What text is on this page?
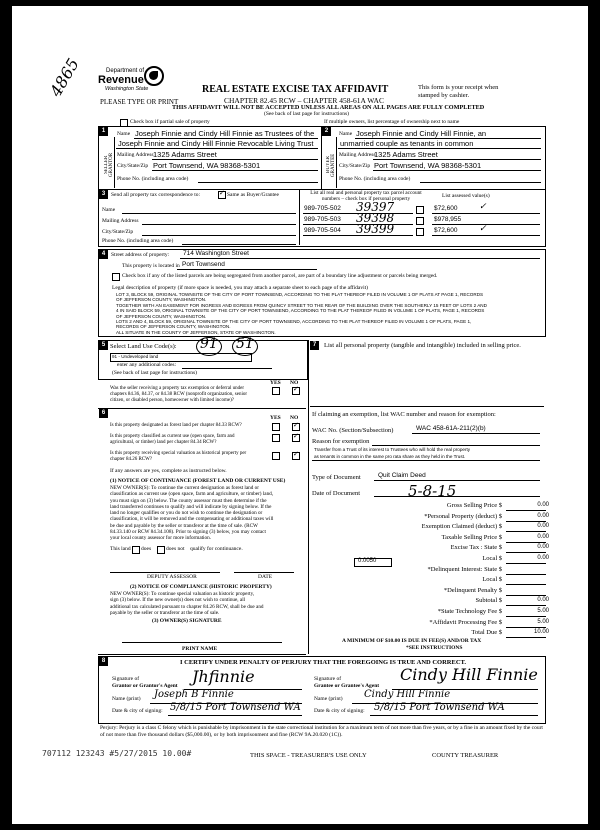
4865	Department of
Revenue
Washington State	REAL ESTATE EXCISE TAX AFFIDAVIT
CHAPTER 82.45 RCW – CHAPTER 458-61A WAC
THIS AFFIDAVIT WILL NOT BE ACCEPTED UNLESS ALL AREAS ON ALL PAGES ARE FULLY COMPLETED
PLEASE TYPE OR PRINT
This form is your receipt when stamped by cashier.
(See back of last page for instructions)
Check box if partial sale of property	If multiple owners, list percentage of ownership next to name
1	2
SELLER GRANTOR
Name Joseph Finnie and Cindy Hill Finnie as Trustees of the
Joseph Finnie and Cindy Hill Finnie Revocable Living Trust
Mailing Address 1325 Adams Street
City/State/Zip Port Townsend, WA 98368-5301
Phone No. (including area code)
BUYER GRANTEE
Name Joseph Finnie and Cindy Hill Finnie, an
unmarried couple as tenants in common
Mailing Address
1325 Adams Street
City/State/Zip Port Townsend, WA 98368-5301
Phone No. (including area code)
3	Send all property tax correspondence to:
✓	Same as Buyer/Grantee
Name
Mailing Address
City/State/Zip
Phone No. (including area code)
List all real and personal property tax parcel account numbers – check box if personal property	List assessed value(s)
989-705-502 39397	$72,600 ✓
989-705-503 39398	$978,955
989-705-504 39399	$72,600 ✓
4	Street address of property: 714 Washington Street
This property is located in Port Townsend
Check box if any of the listed parcels are being segregated from another parcel, are part of a boundary line adjustment or parcels being merged.
Legal description of property (if more space is needed, you may attach a separate sheet to each page of the affidavit)
LOT 3, BLOCK 59, ORIGINAL TOWNSITE OF THE CITY OF PORT TOWNSEND, ACCORDING TO THE PLAT THEREOF FILED IN VOLUME 1 OF PLATS AT PAGE 1, RECORDS
OF JEFFERSON COUNTY, WASHINGTON.
TOGETHER WITH AN EASEMENT FOR INGRESS AND EGRESS FROM QUINCY STREET TO THE REAR OF THE BUILDING OVER THE SOUTHERLY 15 FEET OF LOTS 2 AND
4 IN SAID BLOCK 59, ORIGINAL TOWNSITE OF THE CITY OF PORT TOWNSEND, ACCORDING TO THE PLAT THEREOF FILED IN VOLUME 1 OF PLATS, PAGE 1, RECORDS
OF JEFFERSON COUNTY, WASHINGTON.
LOTS 2 AND 4, BLOCK 59, ORIGINAL TOWNSITE OF THE CITY OF PORT TOWNSEND, ACCORDING TO THE PLAT THEREOF FILED IN VOLUME 1 OF PLATS, PAGE 1,
RECORDS OF JEFFERSON COUNTY, WASHINGTON.
ALL SITUATE IN THE COUNTY OF JEFFERSON, STATE OF WASHINGTON.
5 Select Land Use Code(s): 91 51
91 - Undeveloped land
enter any additional codes:
(See back of last page for instructions)
YES NO
Was the seller receiving a property tax exemption or deferral under chapters 84.36, 84.37, or 84.38 RCW (nonprofit organization, senior citizen, or disabled person, homeowner with limited income)?
✓
6
YES NO
Is this property designated as forest land per chapter 84.33 RCW?
✓
Is this property classified as current use (open space, farm and agricultural, or timber) land per chapter 84.34 RCW?
✓
Is this property receiving special valuation as historical property per chapter 84.26 RCW?
✓
If any answers are yes, complete as instructed below.
(1) NOTICE OF CONTINUANCE (FOREST LAND OR CURRENT USE)
NEW OWNER(S): To continue the current designation as forest land or
classification as current use (open space, farm and agriculture, or timber) land,
you must sign on (3) below. The county assessor must then determine if the
land transferred continues to qualify and will indicate by signing below. If the
land no longer qualifies or you do not wish to continue the designation or
classification, it will be removed and the compensating or additional taxes will
be due and payable by the seller or transferor at the time of sale. (RCW
84.33.140 or RCW 84.34.108). Prior to signing (3) below, you may contact
your local county assessor for more information.
This land does	does not qualify for continuance.
DEPUTY ASSESSOR	DATE
(2) NOTICE OF COMPLIANCE (HISTORIC PROPERTY)
NEW OWNER(S): To continue special valuation as historic property,
sign (3) below. If the new owner(s) does not wish to continue, all
additional tax calculated pursuant to chapter 84.26 RCW, shall be due and
payable by the seller or transferor at the time of sale.
(3) OWNER(S) SIGNATURE
PRINT NAME
7	List all personal property (tangible and intangible) included in selling price.
If claiming an exemption, list WAC number and reason for exemption:
WAC No. (Section/Subsection)	WAC 458-61A-211(2)(b)
Reason for exemption
Transfer from a Trust of its interest to Trustees who will hold the real property
as tenants in common in the same pro rata share as they held in the Trust.
Type of Document	Quit Claim Deed
Date of Document	5-8-15
Gross Selling Price $	0.00
*Personal Property (deduct) $	0.00
Exemption Claimed (deduct) $	0.00
Taxable Selling Price $	0.00
Excise Tax : State $	0.00
Local $	0.00
*Delinquent Interest: State $
Local $
*Delinquent Penalty $
Subtotal $	0.00
*State Technology Fee $	5.00
*Affidavit Processing Fee $	5.00
Total Due $	10.00
0.0050
A MINIMUM OF $10.00 IS DUE IN FEE(S) AND/OR TAX
*SEE INSTRUCTIONS
8	I CERTIFY UNDER PENALTY OF PERJURY THAT THE FOREGOING IS TRUE AND CORRECT.
Signature of
Grantor or Grantor's Agent Jhfinnie
Name (print) Joseph B Finnie
Date & city of signing: 5/8/15 Port Townsend WA
Signature of
Grantee or Grantee's Agent
Cindy Hill Finnie
Name (print) Cindy Hill Finnie
Date & city of signing: 5/8/15 Port Townsend WA
Perjury: Perjury is a class C felony which is punishable by imprisonment in the state correctional institution for a maximum term of not more than five years, or by a fine in an amount fixed by the court of not more than five thousand dollars ($5,000.00), or by both imprisonment and fine (RCW 9A.20.020 (1C)).
707112 123243 #5/27/2015 10.00#	THIS SPACE - TREASURER'S USE ONLY	COUNTY TREASURER
